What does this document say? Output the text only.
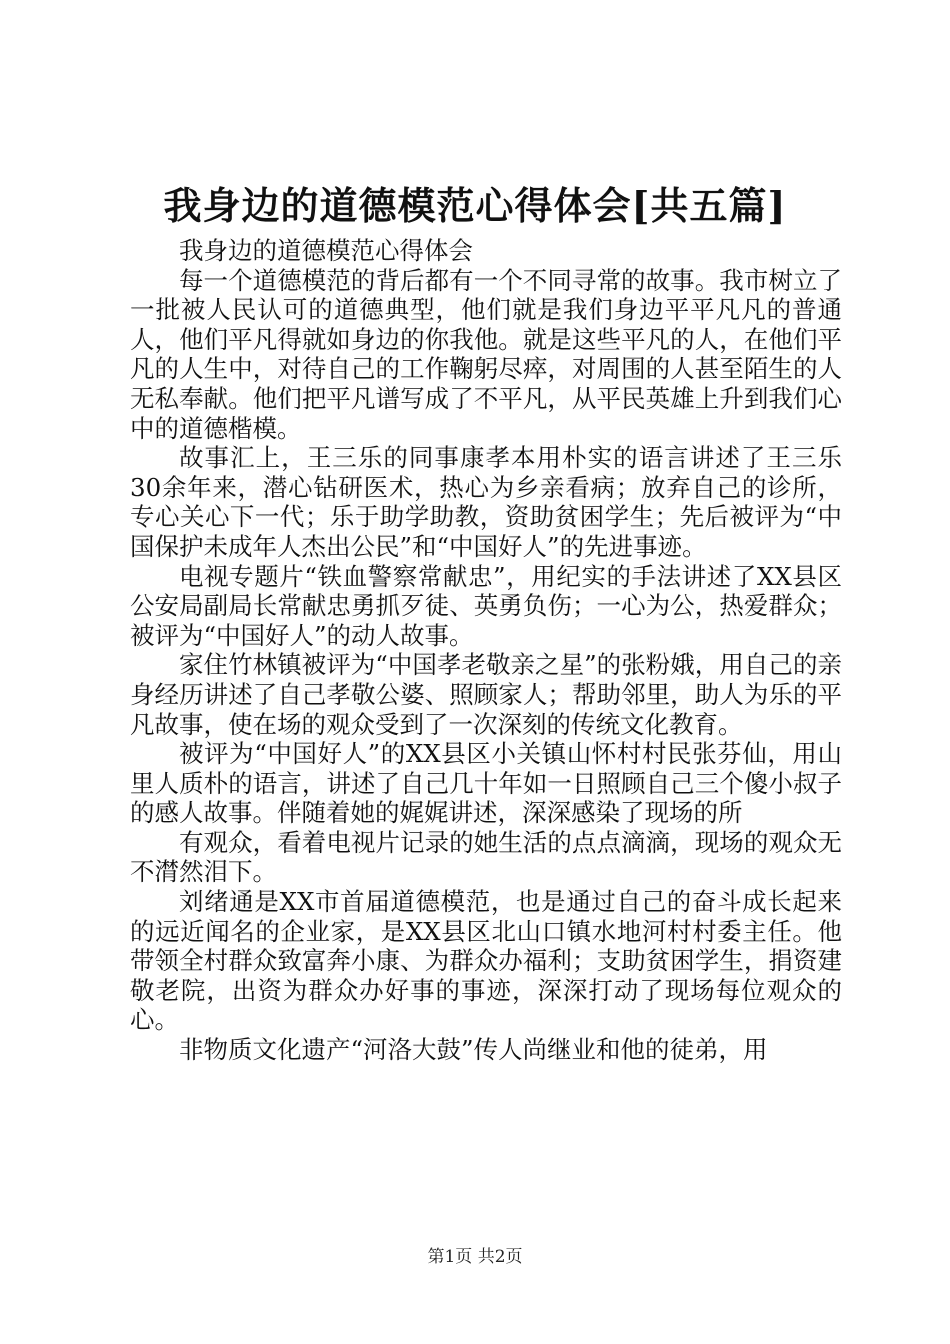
我身边的道德模范心得体会[共五篇]

我身边的道德模范心得体会

每一个道德模范的背后都有一个不同寻常的故事。我市树立了一批被人民认可的道德典型，他们就是我们身边平平凡凡的普通人，他们平凡得就如身边的你我他。就是这些平凡的人，在他们平凡的人生中，对待自己的工作鞠躬尽瘁，对周围的人甚至陌生的人无私奉献。他们把平凡谱写成了不平凡，从平民英雄上升到我们心中的道德楷模。

故事汇上，王三乐的同事康孝本用朴实的语言讲述了王三乐30余年来，潜心钻研医术，热心为乡亲看病；放弃自己的诊所，专心关心下一代；乐于助学助教，资助贫困学生；先后被评为“中国保护未成年人杰出公民”和“中国好人”的先进事迹。

电视专题片“铁血警察常献忠”，用纪实的手法讲述了XX县区公安局副局长常献忠勇抓歹徒、英勇负伤；一心为公，热爱群众；被评为“中国好人”的动人故事。

家住竹林镇被评为“中国孝老敬亲之星”的张粉娥，用自己的亲身经历讲述了自己孝敬公婆、照顾家人；帮助邻里，助人为乐的平凡故事，使在场的观众受到了一次深刻的传统文化教育。

被评为“中国好人”的XX县区小关镇山怀村村民张芬仙，用山里人质朴的语言，讲述了自己几十年如一日照顾自己三个傻小叔子的感人故事。伴随着她的娓娓讲述，深深感染了现场的所

有观众，看着电视片记录的她生活的点点滴滴，现场的观众无不潸然泪下。

刘绪通是XX市首届道德模范，也是通过自己的奋斗成长起来的远近闻名的企业家，是XX县区北山口镇水地河村村委主任。他带领全村群众致富奔小康、为群众办福利；支助贫困学生，捐资建敬老院，出资为群众办好事的事迹，深深打动了现场每位观众的心。

非物质文化遗产“河洛大鼓”传人尚继业和他的徒弟，用

第1页 共2页
